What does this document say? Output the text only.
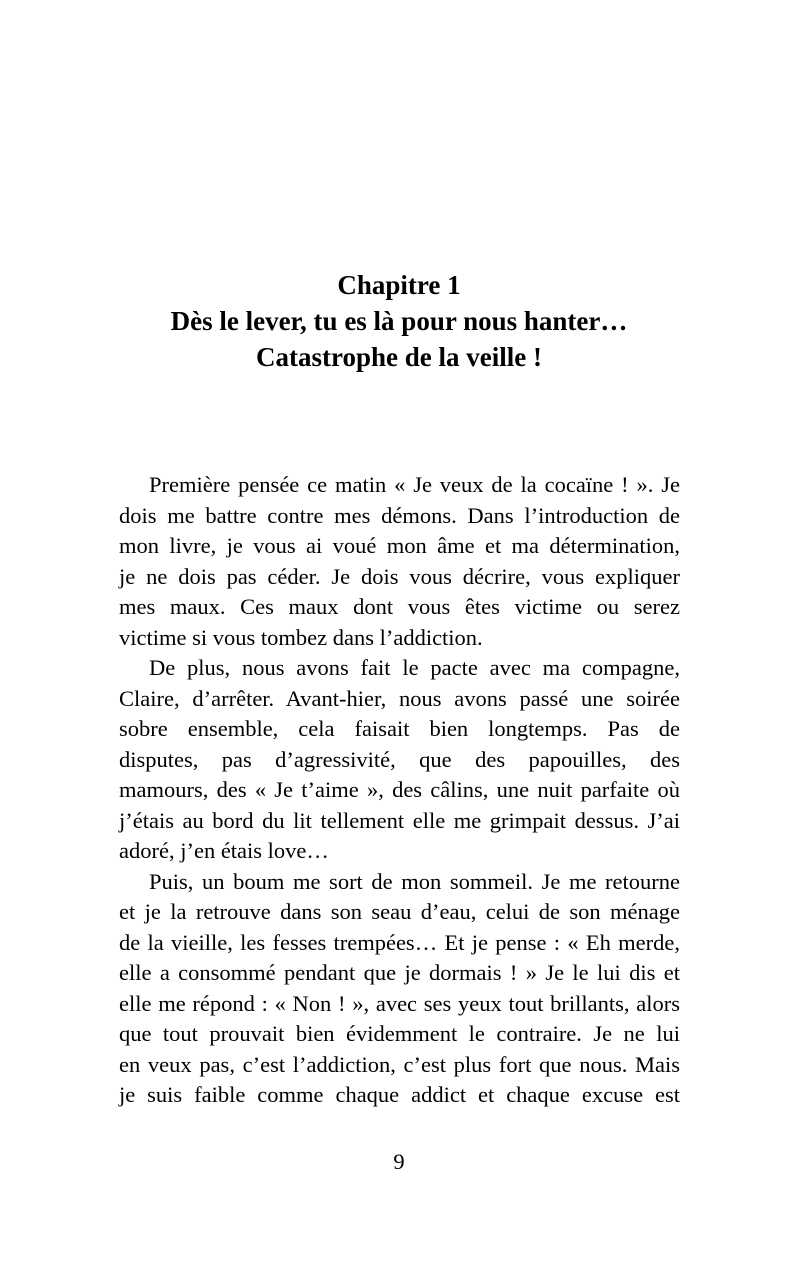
Chapitre 1
Dès le lever, tu es là pour nous hanter…
Catastrophe de la veille !

Première pensée ce matin « Je veux de la cocaïne ! ». Je
dois me battre contre mes démons. Dans l’introduction de
mon livre, je vous ai voué mon âme et ma détermination,
je ne dois pas céder. Je dois vous décrire, vous expliquer
mes maux. Ces maux dont vous êtes victime ou serez
victime si vous tombez dans l’addiction.

De plus, nous avons fait le pacte avec ma compagne,
Claire, d’arrêter. Avant-hier, nous avons passé une soirée
sobre ensemble, cela faisait bien longtemps. Pas de
disputes, pas d’agressivité, que des papouilles, des
mamours, des « Je t’aime », des câlins, une nuit parfaite où
j’étais au bord du lit tellement elle me grimpait dessus. J’ai
adoré, j’en étais love…

Puis, un boum me sort de mon sommeil. Je me retourne
et je la retrouve dans son seau d’eau, celui de son ménage
de la vieille, les fesses trempées… Et je pense : « Eh merde,
elle a consommé pendant que je dormais ! » Je le lui dis et
elle me répond : « Non ! », avec ses yeux tout brillants, alors
que tout prouvait bien évidemment le contraire. Je ne lui
en veux pas, c’est l’addiction, c’est plus fort que nous. Mais
je suis faible comme chaque addict et chaque excuse est

9
